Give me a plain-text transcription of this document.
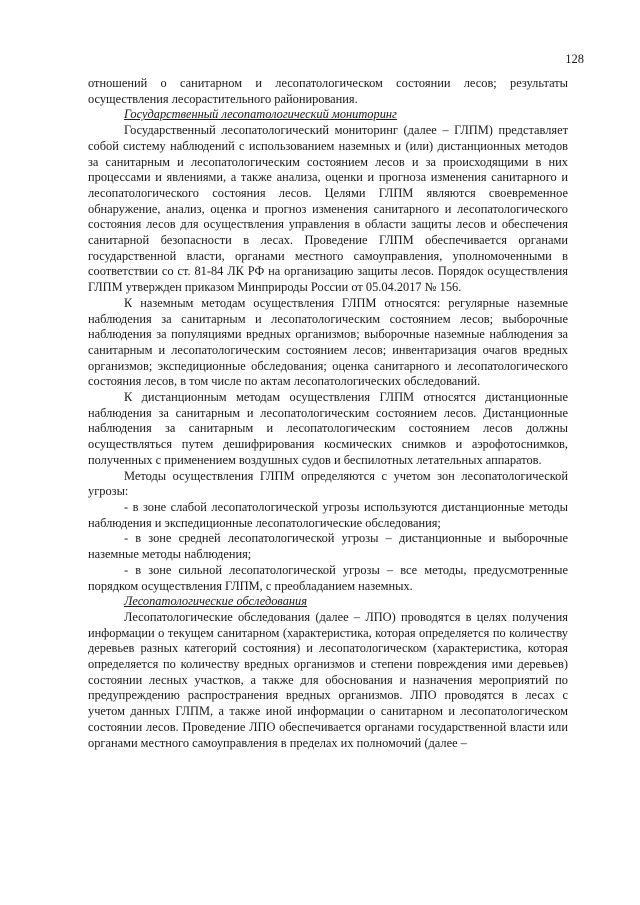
128

отношений о санитарном и лесопатологическом состоянии лесов; результаты осуществления лесорастительного районирования.

Государственный лесопатологический мониторинг

Государственный лесопатологический мониторинг (далее – ГЛПМ) представляет собой систему наблюдений с использованием наземных и (или) дистанционных методов за санитарным и лесопатологическим состоянием лесов и за происходящими в них процессами и явлениями, а также анализа, оценки и прогноза изменения санитарного и лесопатологического состояния лесов. Целями ГЛПМ являются своевременное обнаружение, анализ, оценка и прогноз изменения санитарного и лесопатологического состояния лесов для осуществления управления в области защиты лесов и обеспечения санитарной безопасности в лесах. Проведение ГЛПМ обеспечивается органами государственной власти, органами местного самоуправления, уполномоченными в соответствии со ст. 81-84 ЛК РФ на организацию защиты лесов. Порядок осуществления ГЛПМ утвержден приказом Минприроды России от 05.04.2017 № 156.

К наземным методам осуществления ГЛПМ относятся: регулярные наземные наблюдения за санитарным и лесопатологическим состоянием лесов; выборочные наблюдения за популяциями вредных организмов; выборочные наземные наблюдения за санитарным и лесопатологическим состоянием лесов; инвентаризация очагов вредных организмов; экспедиционные обследования; оценка санитарного и лесопатологического состояния лесов, в том числе по актам лесопатологических обследований.

К дистанционным методам осуществления ГЛПМ относятся дистанционные наблюдения за санитарным и лесопатологическим состоянием лесов. Дистанционные наблюдения за санитарным и лесопатологическим состоянием лесов должны осуществляться путем дешифрирования космических снимков и аэрофотоснимков, полученных с применением воздушных судов и беспилотных летательных аппаратов.

Методы осуществления ГЛПМ определяются с учетом зон лесопатологической угрозы:

- в зоне слабой лесопатологической угрозы используются дистанционные методы наблюдения и экспедиционные лесопатологические обследования;

- в зоне средней лесопатологической угрозы – дистанционные и выборочные наземные методы наблюдения;

- в зоне сильной лесопатологической угрозы – все методы, предусмотренные порядком осуществления ГЛПМ, с преобладанием наземных.

Лесопатологические обследования

Лесопатологические обследования (далее – ЛПО) проводятся в целях получения информации о текущем санитарном (характеристика, которая определяется по количеству деревьев разных категорий состояния) и лесопатологическом (характеристика, которая определяется по количеству вредных организмов и степени повреждения ими деревьев) состоянии лесных участков, а также для обоснования и назначения мероприятий по предупреждению распространения вредных организмов. ЛПО проводятся в лесах с учетом данных ГЛПМ, а также иной информации о санитарном и лесопатологическом состоянии лесов. Проведение ЛПО обеспечивается органами государственной власти или органами местного самоуправления в пределах их полномочий (далее –
